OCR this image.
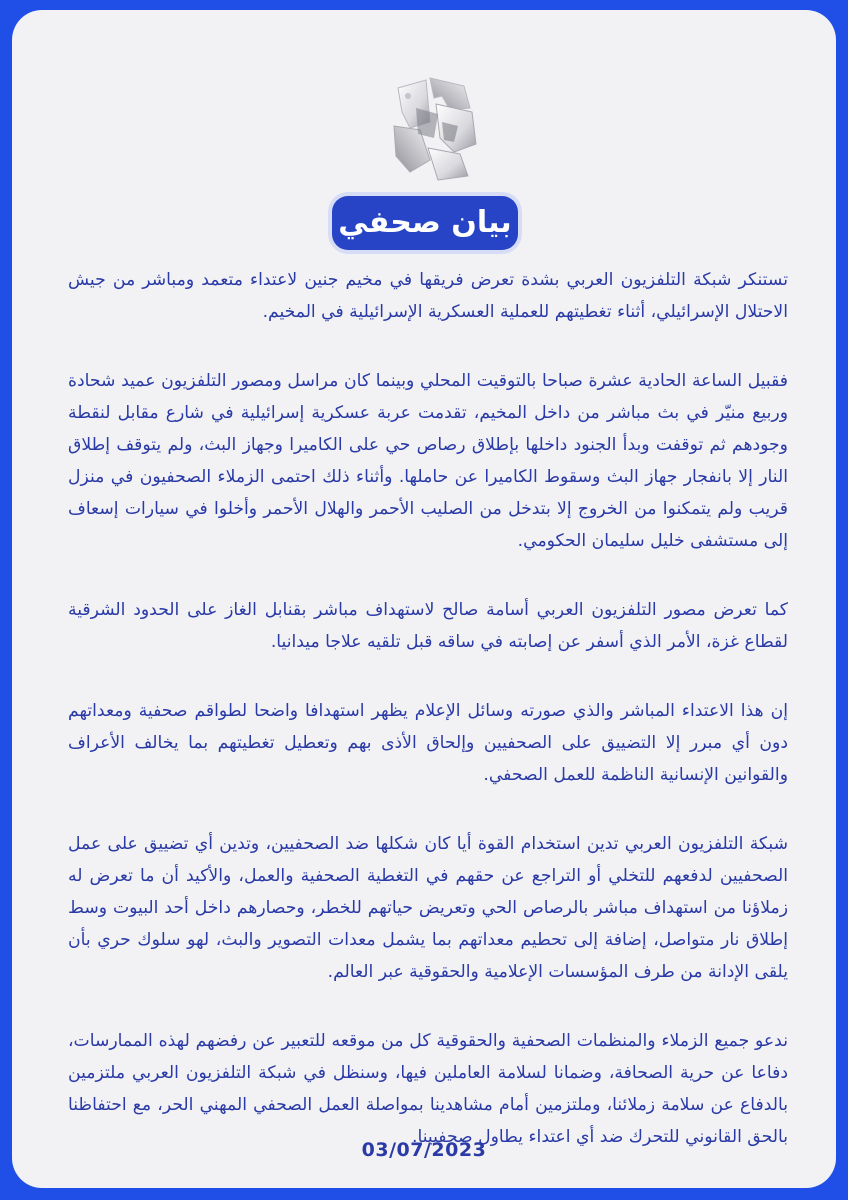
بيان صحفي

تستنكر شبكة التلفزيون العربي بشدة تعرض فريقها في مخيم جنين لاعتداء متعمد ومباشر من جيش الاحتلال الإسرائيلي، أثناء تغطيتهم للعملية العسكرية الإسرائيلية في المخيم.

فقبيل الساعة الحادية عشرة صباحا بالتوقيت المحلي وبينما كان مراسل ومصور التلفزيون عميد شحادة وربيع منيّر في بث مباشر من داخل المخيم، تقدمت عربة عسكرية إسرائيلية في شارع مقابل لنقطة وجودهم ثم توقفت وبدأ الجنود داخلها بإطلاق رصاص حي على الكاميرا وجهاز البث، ولم يتوقف إطلاق النار إلا بانفجار جهاز البث وسقوط الكاميرا عن حاملها. وأثناء ذلك احتمى الزملاء الصحفيون في منزل قريب ولم يتمكنوا من الخروج إلا بتدخل من الصليب الأحمر والهلال الأحمر وأخلوا في سيارات إسعاف إلى مستشفى خليل سليمان الحكومي.

كما تعرض مصور التلفزيون العربي أسامة صالح لاستهداف مباشر بقنابل الغاز على الحدود الشرقية لقطاع غزة، الأمر الذي أسفر عن إصابته في ساقه قبل تلقيه علاجا ميدانيا.

إن هذا الاعتداء المباشر والذي صورته وسائل الإعلام يظهر استهدافا واضحا لطواقم صحفية ومعداتهم دون أي مبرر إلا التضييق على الصحفيين وإلحاق الأذى بهم وتعطيل تغطيتهم بما يخالف الأعراف والقوانين الإنسانية الناظمة للعمل الصحفي.

شبكة التلفزيون العربي تدين استخدام القوة أيا كان شكلها ضد الصحفيين، وتدين أي تضييق على عمل الصحفيين لدفعهم للتخلي أو التراجع عن حقهم في التغطية الصحفية والعمل، والأكيد أن ما تعرض له زملاؤنا من استهداف مباشر بالرصاص الحي وتعريض حياتهم للخطر، وحصارهم داخل أحد البيوت وسط إطلاق نار متواصل، إضافة إلى تحطيم معداتهم بما يشمل معدات التصوير والبث، لهو سلوك حري بأن يلقى الإدانة من طرف المؤسسات الإعلامية والحقوقية عبر العالم.

ندعو جميع الزملاء والمنظمات الصحفية والحقوقية كل من موقعه للتعبير عن رفضهم لهذه الممارسات، دفاعا عن حرية الصحافة، وضمانا لسلامة العاملين فيها، وسنظل في شبكة التلفزيون العربي ملتزمين بالدفاع عن سلامة زملائنا، وملتزمين أمام مشاهدينا بمواصلة العمل الصحفي المهني الحر، مع احتفاظنا بالحق القانوني للتحرك ضد أي اعتداء يطاول صحفيينا.

03/07/2023
